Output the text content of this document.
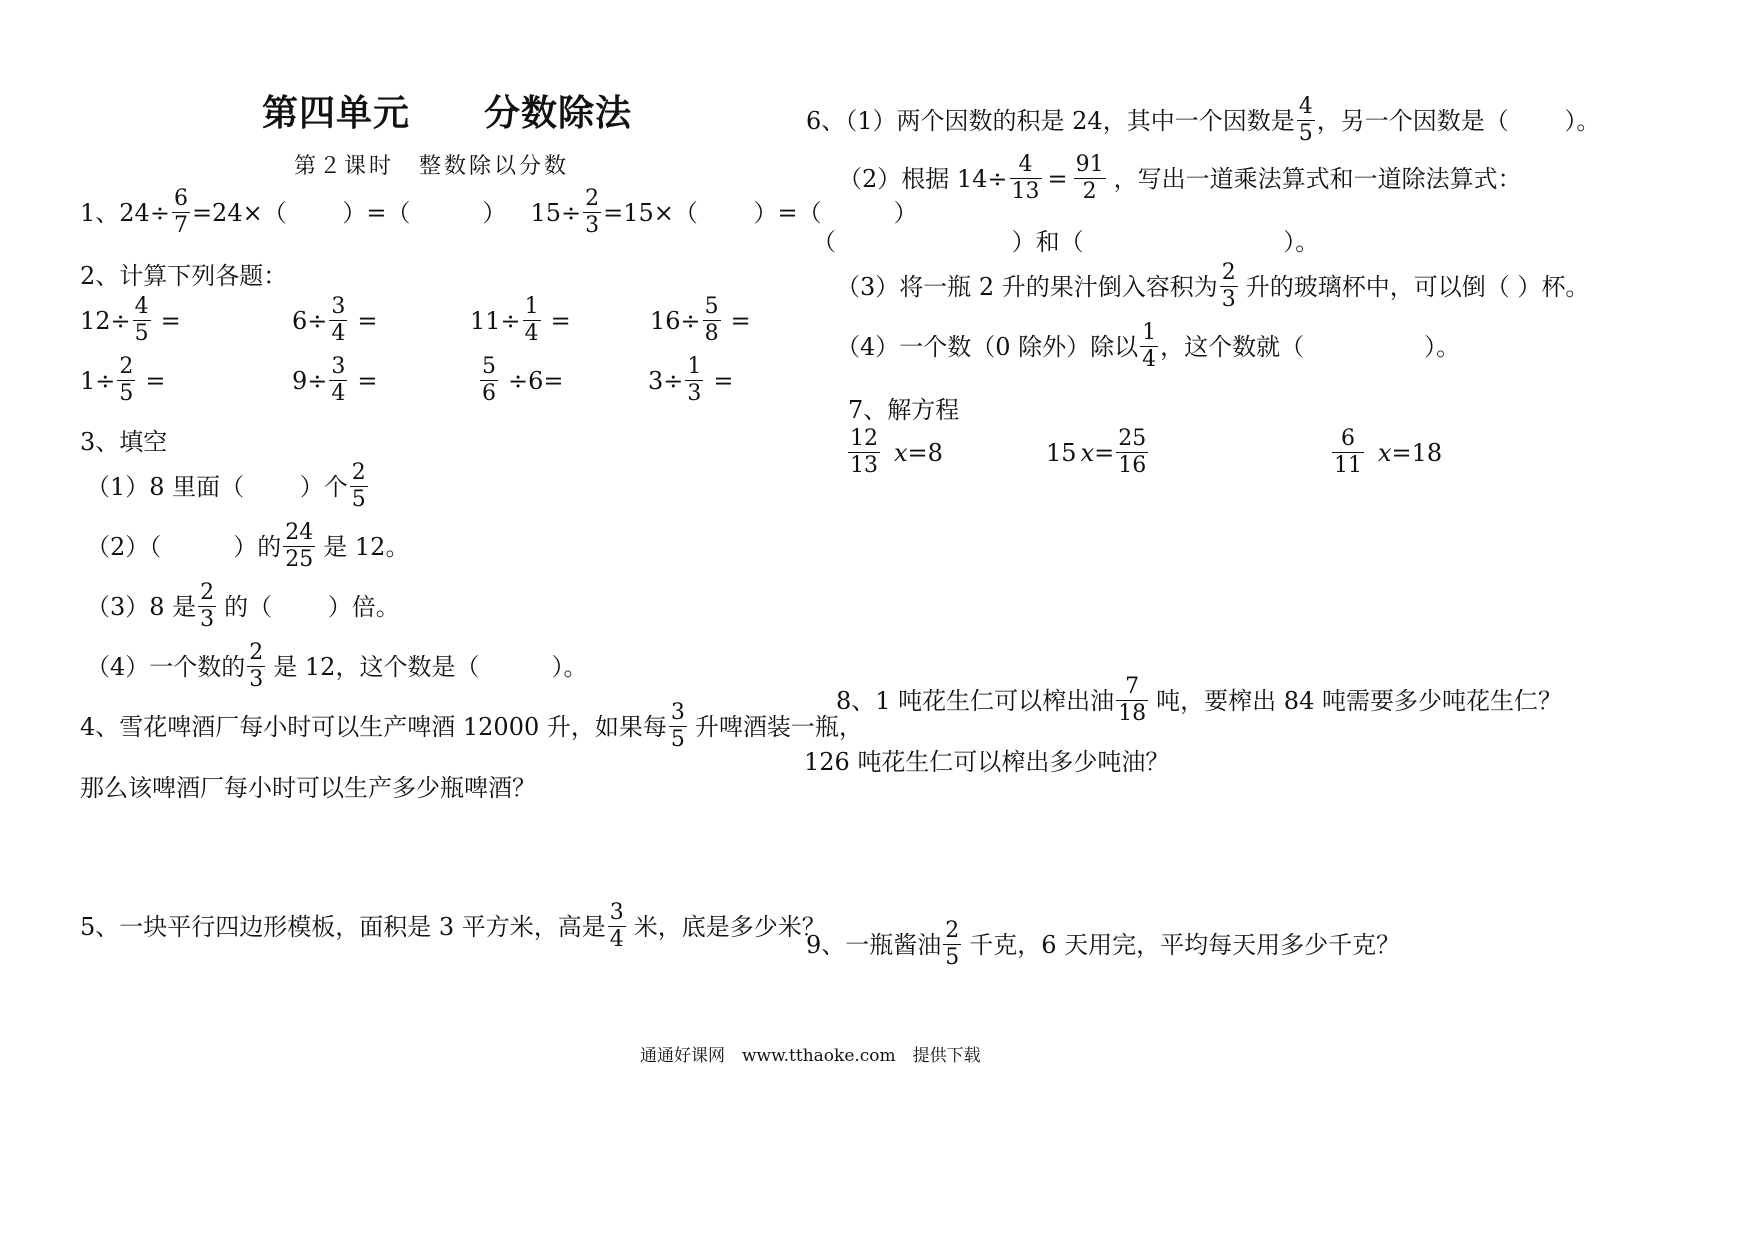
第四单元　　分数除法
第２课时　整数除以分数
1、 $24\div \frac{6}{7} =24\times$（　　 ）=（　　　） $15\div \frac{2}{3} =15\times$（　　 ）=（　　　）
2、计算下列各题：
$12\div \frac{4}{5}$ =	$6\div \frac{3}{4}$ =	$11\div \frac{1}{4}$ =	$16\div \frac{5}{8}$ =
$1\div \frac{2}{5}$ =	$9\div \frac{3}{4}$ =	$\frac{5}{6} \div 6=$	$3\div \frac{1}{3}$ =
3、填空
（1）8 里面（　　 ）个 $\frac{2}{5}$
（2）（　　　）的 $\frac{24}{25}$ 是 12。
（3）8 是 $\frac{2}{3}$ 的（　　 ）倍。
（4）一个数的 $\frac{2}{3}$ 是 12，这个数是（　　　）。
4、雪花啤酒厂每小时可以生产啤酒 12000 升，如果每 $\frac{3}{5}$ 升啤酒装一瓶，
那么该啤酒厂每小时可以生产多少瓶啤酒？
5、一块平行四边形模板，面积是 3 平方米，高是 $\frac{3}{4}$ 米，底是多少米？
6、（1）两个因数的积是 24，其中一个因数是 $\frac{4}{5}$ ，另一个因数是（　　 ）。
（2）根据 $14\div \frac{4}{13} = \frac{91}{2}$ ，写出一道乘法算式和一道除法算式：
（　　　　　　　 ）和（　　　　　　　　 ）。
（3）将一瓶 2 升的果汁倒入容积为 $\frac{2}{3}$ 升的玻璃杯中，可以倒（ ）杯。
（4）一个数（0 除外）除以 $\frac{1}{4}$ ，这个数就（　　　　　）。
7、解方程
$\frac{12}{13}$ x =8	15 $x = \frac{25}{16}$	$\frac{6}{11}$ x =18
8、1 吨花生仁可以榨出油 $\frac{7}{18}$ 吨，要榨出 84 吨需要多少吨花生仁？
126 吨花生仁可以榨出多少吨油？
9、一瓶酱油 $\frac{2}{5}$ 千克，6 天用完，平均每天用多少千克？
通通好课网　www.tthaoke.com　提供下载
